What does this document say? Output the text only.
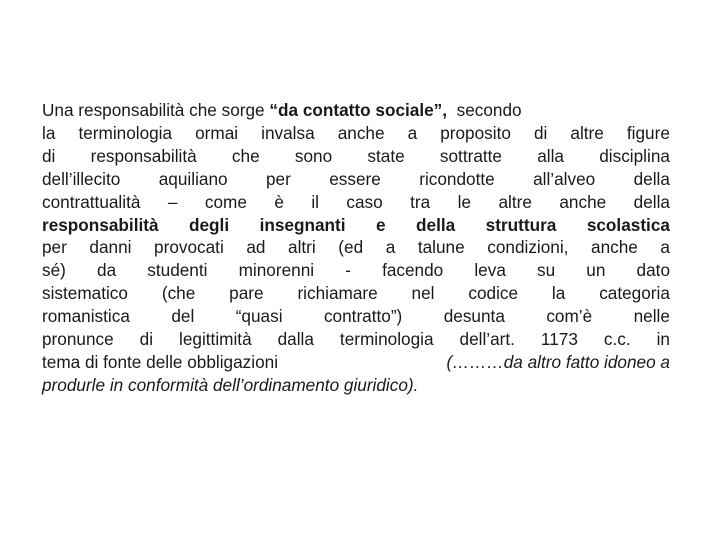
Una responsabilità che sorge “da contatto sociale”, secondo
la terminologia ormai invalsa anche a proposito di altre figure
di responsabilità che sono state sottratte alla disciplina
dell’illecito aquiliano per essere ricondotte all’alveo della
contrattualità – come è il caso tra le altre anche della
responsabilità degli insegnanti e della struttura scolastica
per danni provocati ad altri (ed a talune condizioni, anche a
sé) da studenti minorenni - facendo leva su un dato
sistematico (che pare richiamare nel codice la categoria
romanistica del “quasi contratto”) desunta com’è nelle
pronunce di legittimità dalla terminologia dell’art. 1173 c.c. in
tema di fonte delle obbligazioni	(………da altro fatto idoneo a
produrle in conformità dell’ordinamento giuridico).
